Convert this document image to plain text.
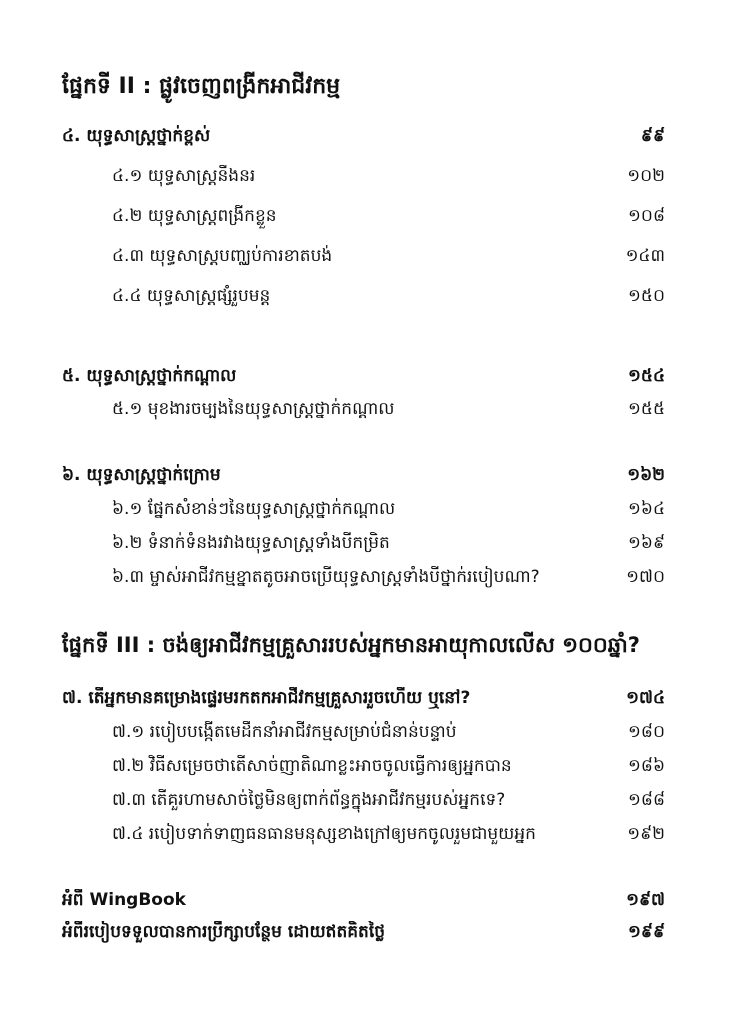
ផ្នែកទី II : ផ្លូវចេញពង្រីកអាជីវកម្ម
៤. យុទ្ធសាស្ត្រថ្នាក់ខ្ពស់	៩៩
៤.១ យុទ្ធសាស្ត្រនឹងនរ	១០២
៤.២ យុទ្ធសាស្ត្រពង្រីកខ្លួន	១០៨
៤.៣ យុទ្ធសាស្ត្របញ្ឈប់ការខាតបង់	១៤៣
៤.៤ យុទ្ធសាស្ត្រផ្សំរួបមន្ត	១៥០
៥. យុទ្ធសាស្ត្រថ្នាក់កណ្ដាល	១៥៤
៥.១ មុខងារចម្បងនៃយុទ្ធសាស្ត្រថ្នាក់កណ្ដាល	១៥៥
៦. យុទ្ធសាស្ត្រថ្នាក់ក្រោម	១៦២
៦.១ ផ្នែកសំខាន់ៗនៃយុទ្ធសាស្ត្រថ្នាក់កណ្ដាល	១៦៤
៦.២ ទំនាក់ទំនងរវាងយុទ្ធសាស្ត្រទាំងបីកម្រិត	១៦៩
៦.៣ ម្ចាស់អាជីវកម្មខ្នាតតូចអាចប្រើយុទ្ធសាស្ត្រទាំងបីថ្នាក់របៀបណា?	១៧០
ផ្នែកទី III : ចង់ឲ្យអាជីវកម្មគ្រួសាររបស់អ្នកមានអាយុកាលលើស ១០០ឆ្នាំ?
៧. តើអ្នកមានគម្រោងផ្ទេរមរកតកអាជីវកម្មគ្រួសាររួចហើយ ឬនៅ?	១៧៤
៧.១ របៀបបង្កើតមេដឹកនាំអាជីវកម្មសម្រាប់ជំនាន់បន្ទាប់	១៨០
៧.២ វិធីសម្រេចថាតើសាច់ញាតិណាខ្លះអាចចូលធ្វើការឲ្យអ្នកបាន	១៨៦
៧.៣ តើគួរហាមសាច់ថ្លៃមិនឲ្យពាក់ព័ន្ធក្នុងអាជីវកម្មរបស់អ្នកទេ?	១៨៨
៧.៤ របៀបទាក់ទាញធនធានមនុស្សខាងក្រៅឲ្យមកចូលរួមជាមួយអ្នក	១៩២
អំពី WingBook	១៩៧
អំពីរបៀបទទួលបានការប្រឹក្សាបន្ថែម ដោយឥតគិតថ្លៃ	១៩៩
